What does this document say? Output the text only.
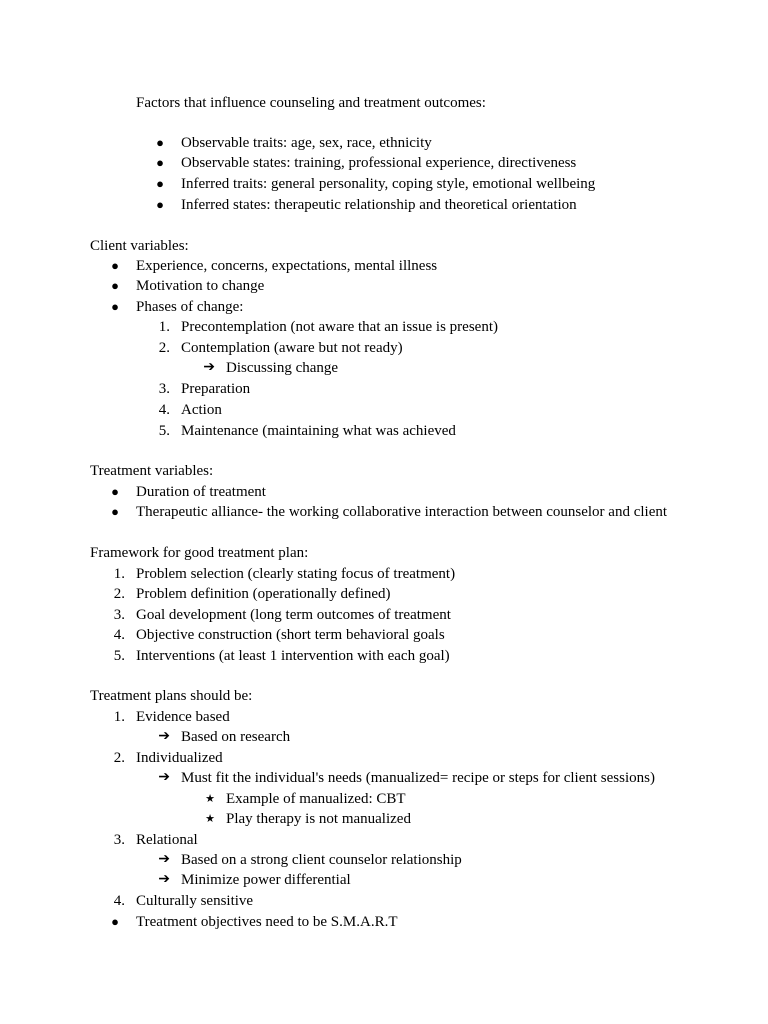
Factors that influence counseling and treatment outcomes:
● Observable traits: age, sex, race, ethnicity
● Observable states: training, professional experience, directiveness
● Inferred traits: general personality, coping style, emotional wellbeing
● Inferred states: therapeutic relationship and theoretical orientation
Client variables:
● Experience, concerns, expectations, mental illness
● Motivation to change
● Phases of change:
1. Precontemplation (not aware that an issue is present)
2. Contemplation (aware but not ready)
➔ Discussing change
3. Preparation
4. Action
5. Maintenance (maintaining what was achieved
Treatment variables:
● Duration of treatment
● Therapeutic alliance- the working collaborative interaction between counselor and client
Framework for good treatment plan:
1. Problem selection (clearly stating focus of treatment)
2. Problem definition (operationally defined)
3. Goal development (long term outcomes of treatment
4. Objective construction (short term behavioral goals
5. Interventions (at least 1 intervention with each goal)
Treatment plans should be:
1. Evidence based
➔ Based on research
2. Individualized
➔ Must fit the individual's needs (manualized= recipe or steps for client sessions)
★ Example of manualized: CBT
★ Play therapy is not manualized
3. Relational
➔ Based on a strong client counselor relationship
➔ Minimize power differential
4. Culturally sensitive
● Treatment objectives need to be S.M.A.R.T
